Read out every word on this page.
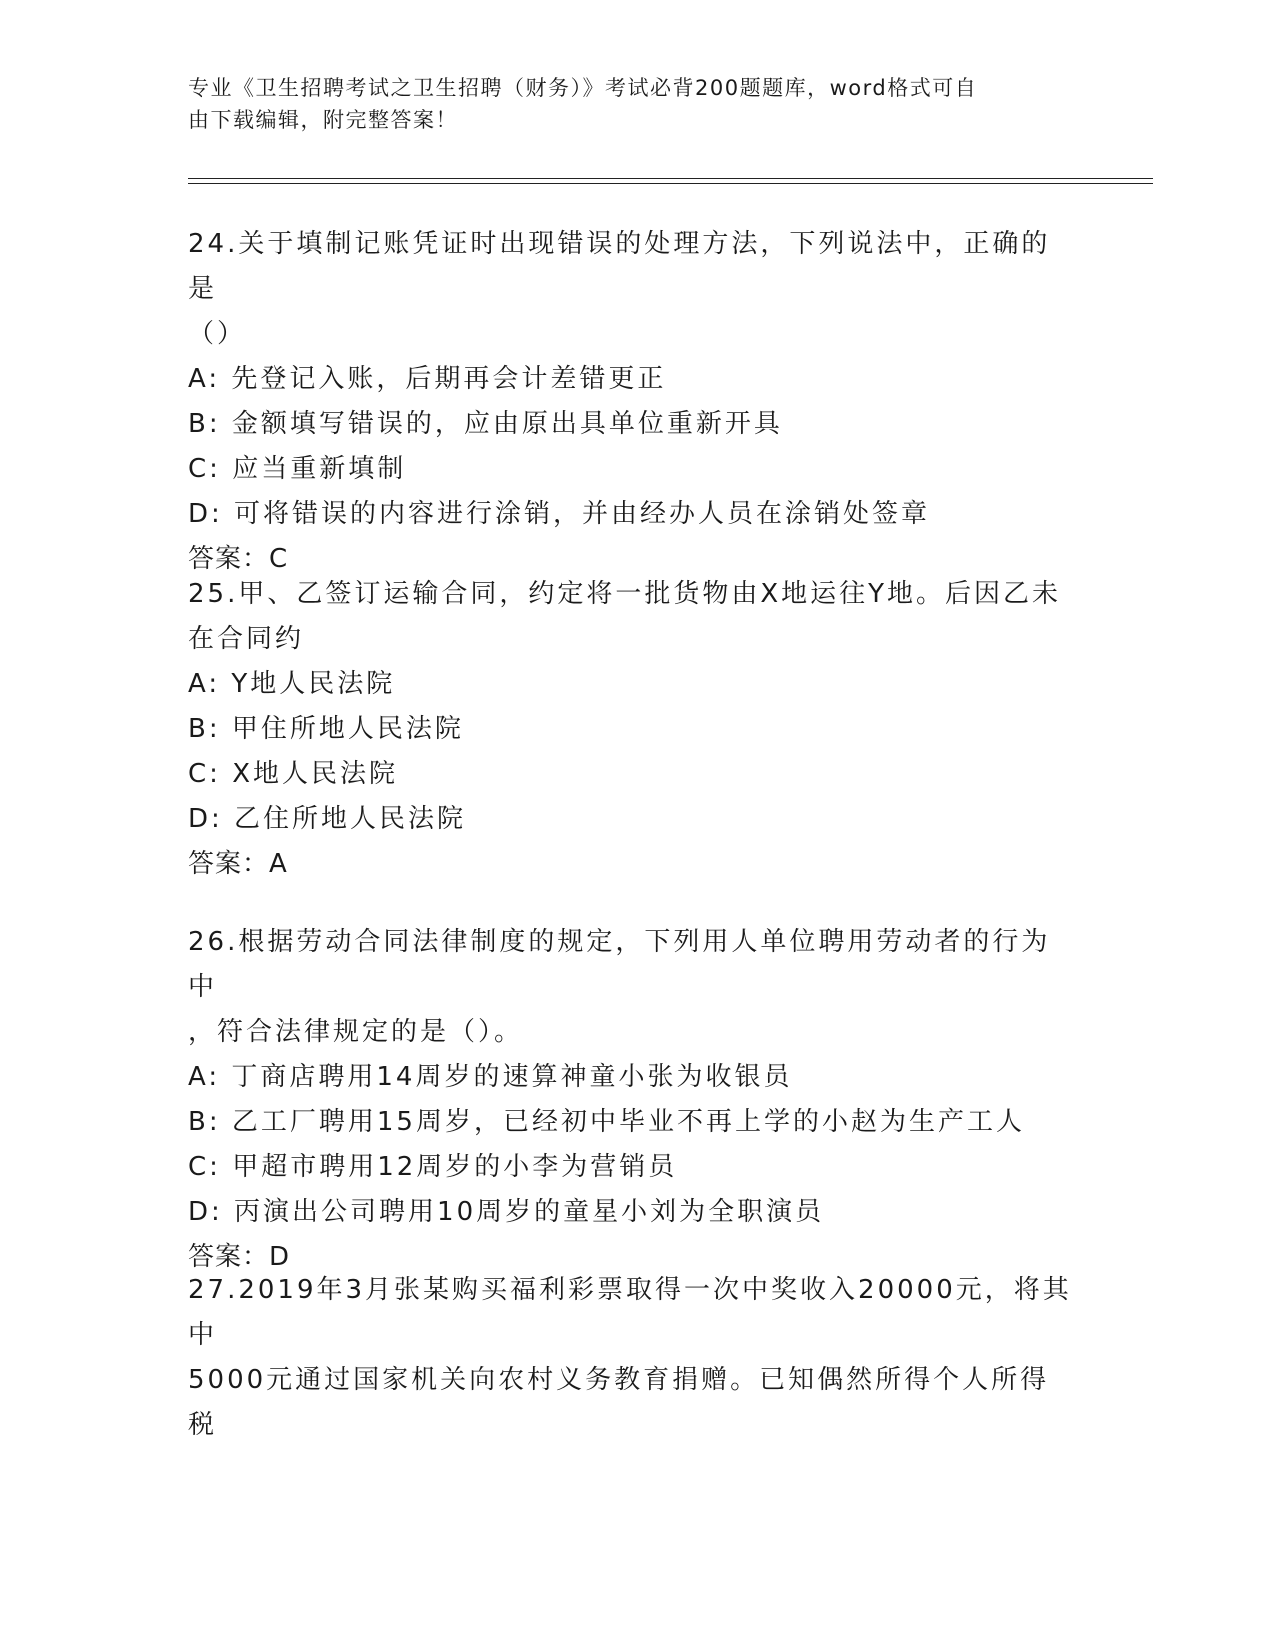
专业《卫生招聘考试之卫生招聘（财务）》考试必背200题题库，word格式可自
由下载编辑，附完整答案！

24.关于填制记账凭证时出现错误的处理方法，下列说法中，正确的是

（）

A: 先登记入账，后期再会计差错更正

B: 金额填写错误的，应由原出具单位重新开具

C: 应当重新填制

D: 可将错误的内容进行涂销，并由经办人员在涂销处签章

答案：C

25.甲、乙签订运输合同，约定将一批货物由X地运往Y地。后因乙未

在合同约

A: Y地人民法院

B: 甲住所地人民法院

C: X地人民法院

D: 乙住所地人民法院

答案：A

26.根据劳动合同法律制度的规定，下列用人单位聘用劳动者的行为中

，符合法律规定的是（）。

A: 丁商店聘用14周岁的速算神童小张为收银员

B: 乙工厂聘用15周岁，已经初中毕业不再上学的小赵为生产工人

C: 甲超市聘用12周岁的小李为营销员

D: 丙演出公司聘用10周岁的童星小刘为全职演员

答案：D

27.2019年3月张某购买福利彩票取得一次中奖收入20000元，将其中

5000元通过国家机关向农村义务教育捐赠。已知偶然所得个人所得税
